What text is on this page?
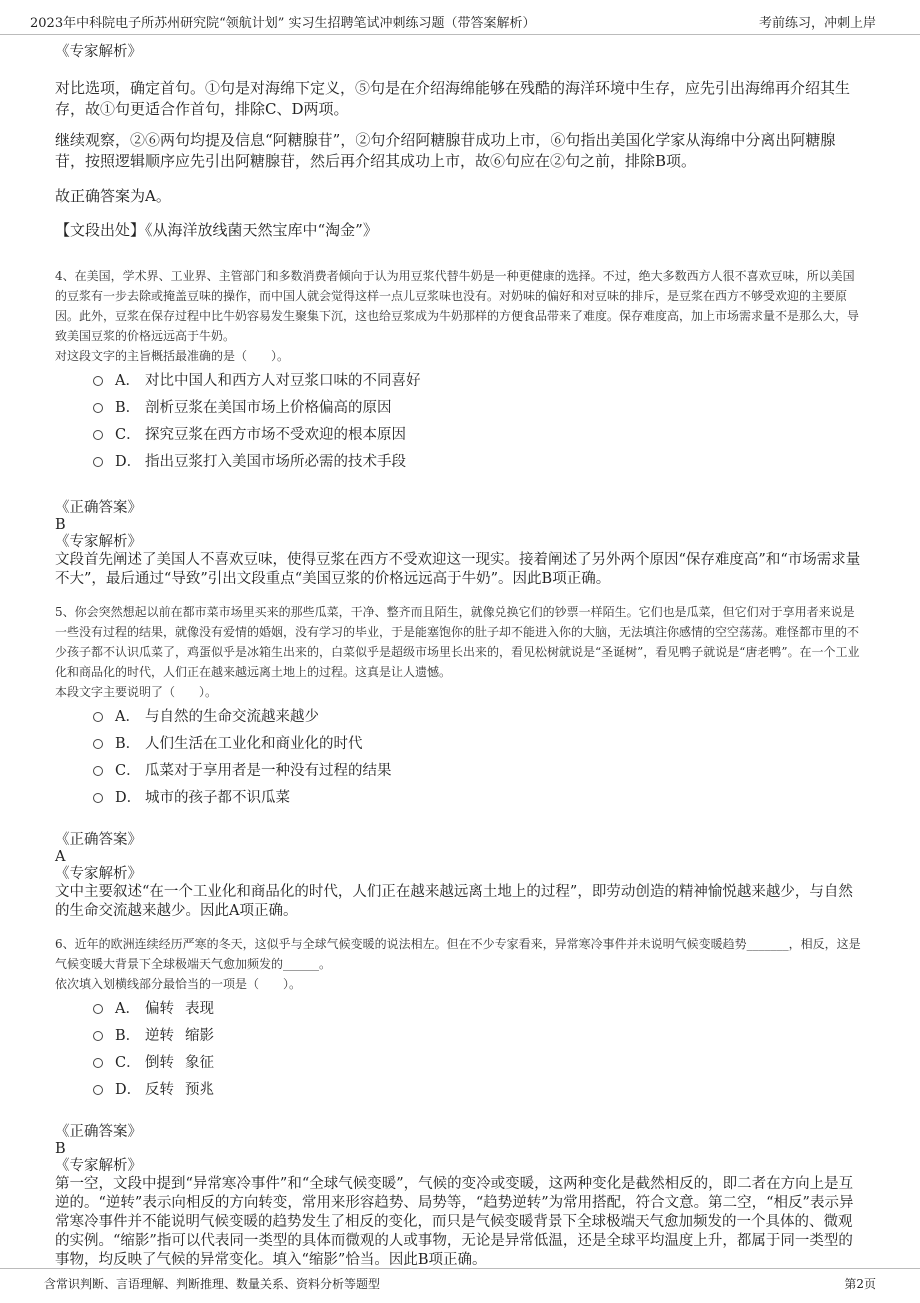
2023年中科院电子所苏州研究院“领航计划” 实习生招聘笔试冲刺练习题（带答案解析）	考前练习，冲刺上岸

《专家解析》

对比选项，确定首句。①句是对海绵下定义，⑤句是在介绍海绵能够在残酷的海洋环境中生存，应先引出海绵再介绍其生存，故①句更适合作首句，排除C、D两项。

继续观察，②⑥两句均提及信息“阿糖腺苷”，②句介绍阿糖腺苷成功上市，⑥句指出美国化学家从海绵中分离出阿糖腺苷，按照逻辑顺序应先引出阿糖腺苷，然后再介绍其成功上市，故⑥句应在②句之前，排除B项。

故正确答案为A。

【文段出处】《从海洋放线菌天然宝库中“淘金”》

4、在美国，学术界、工业界、主管部门和多数消费者倾向于认为用豆浆代替牛奶是一种更健康的选择。不过，绝大多数西方人很不喜欢豆味，所以美国的豆浆有一步去除或掩盖豆味的操作，而中国人就会觉得这样一点儿豆浆味也没有。对奶味的偏好和对豆味的排斥，是豆浆在西方不够受欢迎的主要原因。此外，豆浆在保存过程中比牛奶容易发生聚集下沉，这也给豆浆成为牛奶那样的方便食品带来了难度。保存难度高，加上市场需求量不是那么大，导致美国豆浆的价格远远高于牛奶。

对这段文字的主旨概括最准确的是（　　）。

A． 对比中国人和西方人对豆浆口味的不同喜好
B． 剖析豆浆在美国市场上价格偏高的原因
C． 探究豆浆在西方市场不受欢迎的根本原因
D． 指出豆浆打入美国市场所必需的技术手段

《正确答案》

B

《专家解析》

文段首先阐述了美国人不喜欢豆味，使得豆浆在西方不受欢迎这一现实。接着阐述了另外两个原因“保存难度高”和“市场需求量不大”，最后通过“导致”引出文段重点“美国豆浆的价格远远高于牛奶”。因此B项正确。

5、你会突然想起以前在都市菜市场里买来的那些瓜菜，干净、整齐而且陌生，就像兑换它们的钞票一样陌生。它们也是瓜菜，但它们对于享用者来说是一些没有过程的结果，就像没有爱情的婚姻，没有学习的毕业，于是能塞饱你的肚子却不能进入你的大脑，无法填注你感情的空空荡荡。难怪都市里的不少孩子都不认识瓜菜了，鸡蛋似乎是冰箱生出来的，白菜似乎是超级市场里长出来的，看见松树就说是“圣诞树”，看见鸭子就说是“唐老鸭”。在一个工业化和商品化的时代，人们正在越来越远离土地上的过程。这真是让人遗憾。

本段文字主要说明了（　　）。

A． 与自然的生命交流越来越少
B． 人们生活在工业化和商业化的时代
C． 瓜菜对于享用者是一种没有过程的结果
D． 城市的孩子都不识瓜菜

《正确答案》

A

《专家解析》

文中主要叙述“在一个工业化和商品化的时代，人们正在越来越远离土地上的过程”，即劳动创造的精神愉悦越来越少，与自然的生命交流越来越少。因此A项正确。

6、近年的欧洲连续经历严寒的冬天，这似乎与全球气候变暖的说法相左。但在不少专家看来，异常寒冷事件并未说明气候变暖趋势_______，相反，这是气候变暖大背景下全球极端天气愈加频发的______。

依次填入划横线部分最恰当的一项是（　　）。

A． 偏转 表现
B． 逆转 缩影
C． 倒转 象征
D． 反转 预兆

《正确答案》

B

《专家解析》

第一空，文段中提到“异常寒冷事件”和“全球气候变暖”，气候的变冷或变暖，这两种变化是截然相反的，即二者在方向上是互逆的。“逆转”表示向相反的方向转变，常用来形容趋势、局势等，“趋势逆转”为常用搭配，符合文意。第二空，“相反”表示异常寒冷事件并不能说明气候变暖的趋势发生了相反的变化，而只是气候变暖背景下全球极端天气愈加频发的一个具体的、微观的实例。“缩影”指可以代表同一类型的具体而微观的人或事物，无论是异常低温，还是全球平均温度上升，都属于同一类型的事物，均反映了气候的异常变化。填入“缩影”恰当。因此B项正确。

含常识判断、言语理解、判断推理、数量关系、资料分析等题型	第2页
